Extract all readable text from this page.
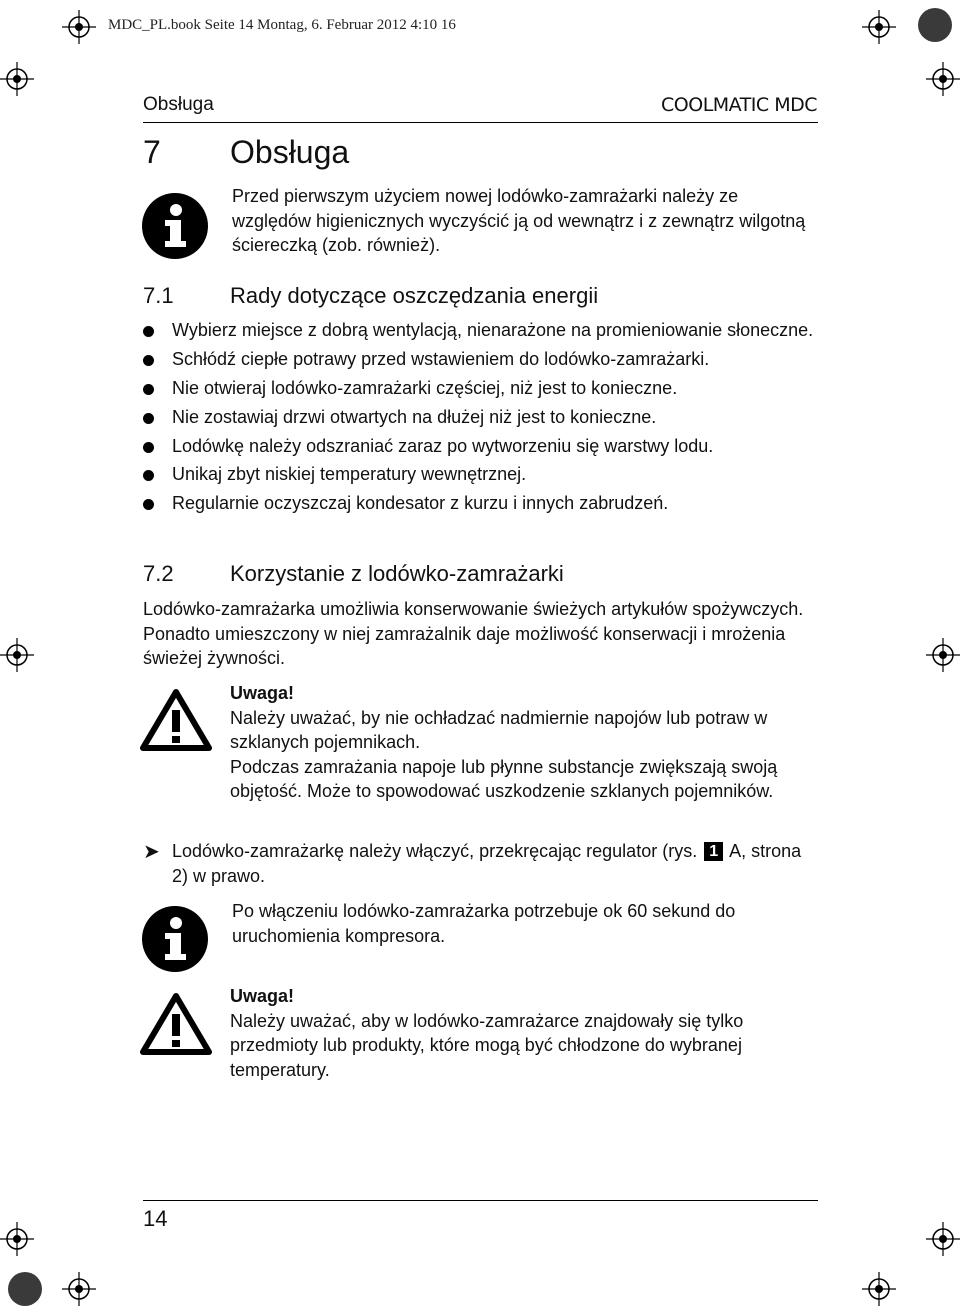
MDC_PL.book Seite 14 Montag, 6. Februar 2012 4:10 16
Obsługa	COOLMATIC MDC
7 Obsługa
Przed pierwszym użyciem nowej lodówko-zamrażarki należy ze względów higienicznych wyczyścić ją od wewnątrz i z zewnątrz wilgotną ściereczką (zob. również).
7.1	Rady dotyczące oszczędzania energii
Wybierz miejsce z dobrą wentylacją, nienarażone na promieniowanie słoneczne.
Schłódź ciepłe potrawy przed wstawieniem do lodówko-zamrażarki.
Nie otwieraj lodówko-zamrażarki częściej, niż jest to konieczne.
Nie zostawiaj drzwi otwartych na dłużej niż jest to konieczne.
Lodówkę należy odszraniać zaraz po wytworzeniu się warstwy lodu.
Unikaj zbyt niskiej temperatury wewnętrznej.
Regularnie oczyszczaj kondesator z kurzu i innych zabrudzeń.
7.2	Korzystanie z lodówko-zamrażarki
Lodówko-zamrażarka umożliwia konserwowanie świeżych artykułów spożywczych. Ponadto umieszczony w niej zamrażalnik daje możliwość konserwacji i mrożenia świeżej żywności.
Uwaga!
Należy uważać, by nie ochładzać nadmiernie napojów lub potraw w szklanych pojemnikach.
Podczas zamrażania napoje lub płynne substancje zwiększają swoją objętość. Może to spowodować uszkodzenie szklanych pojemników.
➤ Lodówko-zamrażarkę należy włączyć, przekręcając regulator (rys. 1 A, strona 2) w prawo.
Po włączeniu lodówko-zamrażarka potrzebuje ok 60 sekund do uruchomienia kompresora.
Uwaga!
Należy uważać, aby w lodówko-zamrażarce znajdowały się tylko przedmioty lub produkty, które mogą być chłodzone do wybranej temperatury.
14
